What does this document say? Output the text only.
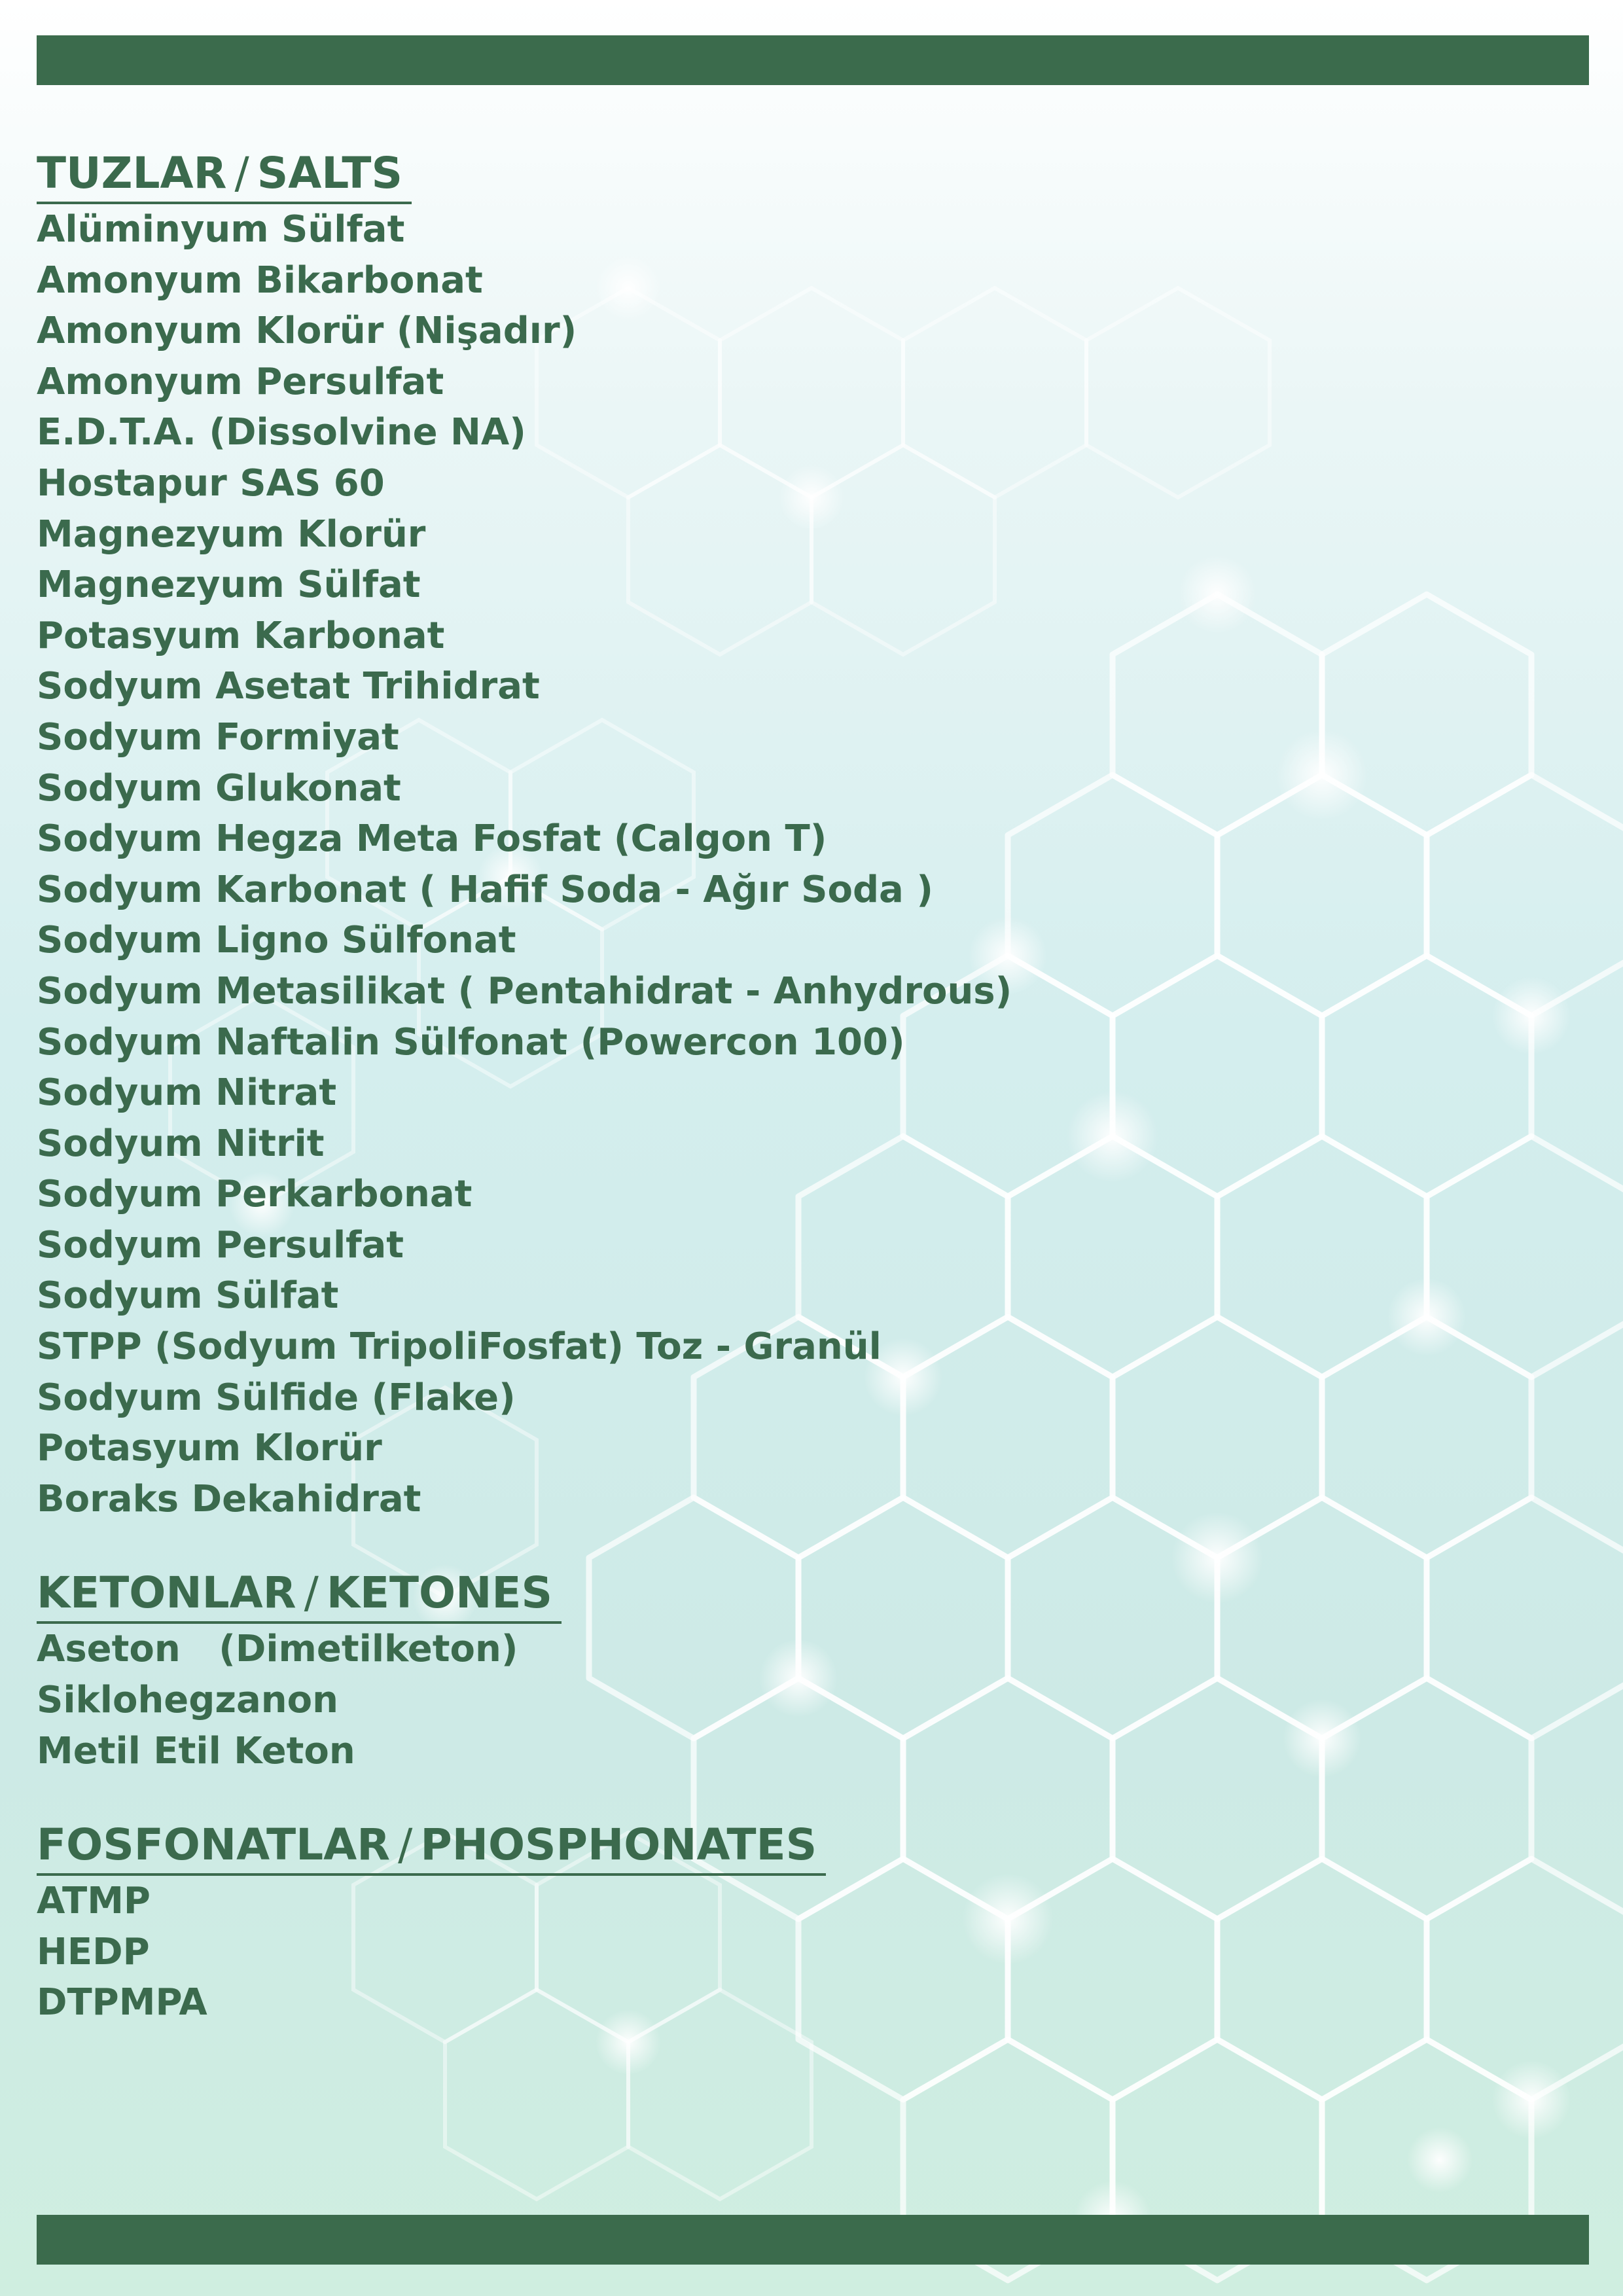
TUZLAR / SALTS
Alüminyum Sülfat
Amonyum Bikarbonat
Amonyum Klorür (Nişadır)
Amonyum Persulfat
E.D.T.A. (Dissolvine NA)
Hostapur SAS 60
Magnezyum Klorür
Magnezyum Sülfat
Potasyum Karbonat
Sodyum Asetat Trihidrat
Sodyum Formiyat
Sodyum Glukonat
Sodyum Hegza Meta Fosfat (Calgon T)
Sodyum Karbonat ( Hafif Soda - Ağır Soda )
Sodyum Ligno Sülfonat
Sodyum Metasilikat ( Pentahidrat - Anhydrous)
Sodyum Naftalin Sülfonat (Powercon 100)
Sodyum Nitrat
Sodyum Nitrit
Sodyum Perkarbonat
Sodyum Persulfat
Sodyum Sülfat
STPP (Sodyum TripoliFosfat) Toz - Granül
Sodyum Sülfide (Flake)
Potasyum Klorür
Boraks Dekahidrat
KETONLAR / KETONES
Aseton   (Dimetilketon)
Siklohegzanon
Metil Etil Keton
FOSFONATLAR / PHOSPHONATES
ATMP
HEDP
DTPMPA
